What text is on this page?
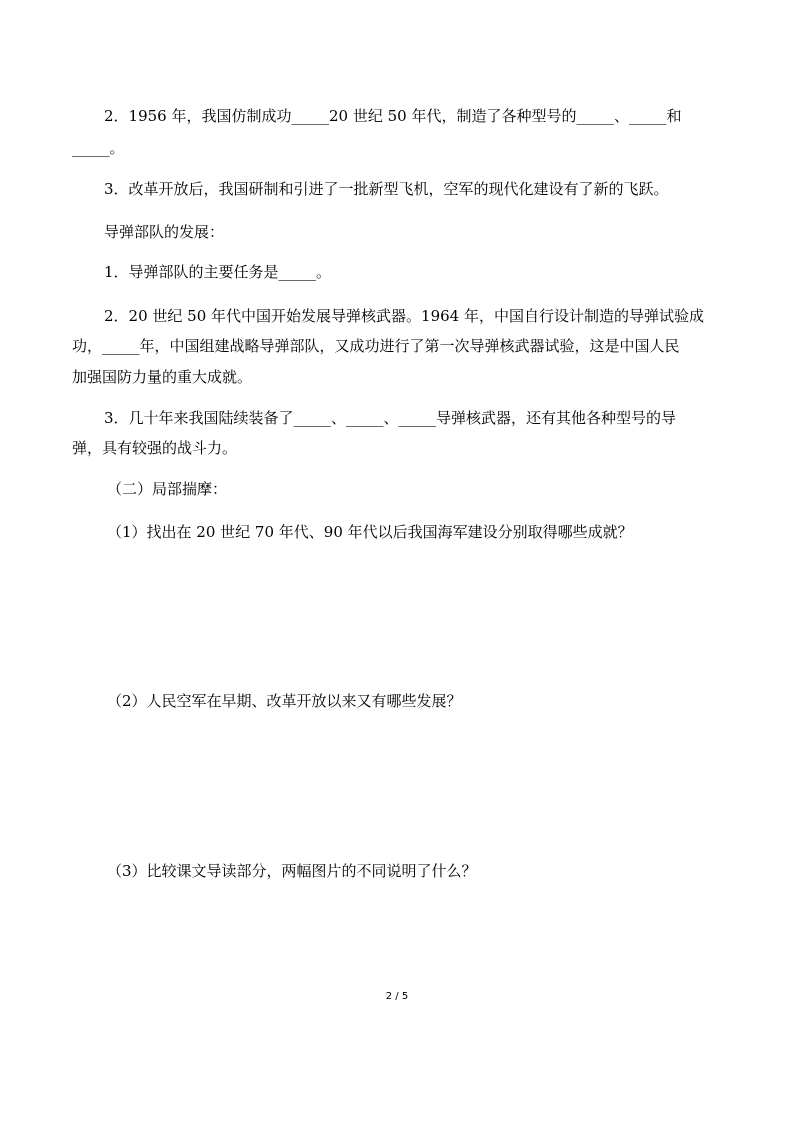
2．1956 年，我国仿制成功_____20 世纪 50 年代，制造了各种型号的_____、_____和
_____。
3．改革开放后，我国研制和引进了一批新型飞机，空军的现代化建设有了新的飞跃。
导弹部队的发展：
1．导弹部队的主要任务是_____。
2．20 世纪 50 年代中国开始发展导弹核武器。1964 年，中国自行设计制造的导弹试验成
功，_____年，中国组建战略导弹部队，又成功进行了第一次导弹核武器试验，这是中国人民
加强国防力量的重大成就。
3．几十年来我国陆续装备了_____、_____、_____导弹核武器，还有其他各种型号的导
弹，具有较强的战斗力。
（二）局部揣摩：
（1）找出在 20 世纪 70 年代、90 年代以后我国海军建设分别取得哪些成就？
（2）人民空军在早期、改革开放以来又有哪些发展？
（3）比较课文导读部分，两幅图片的不同说明了什么？
2 / 5
